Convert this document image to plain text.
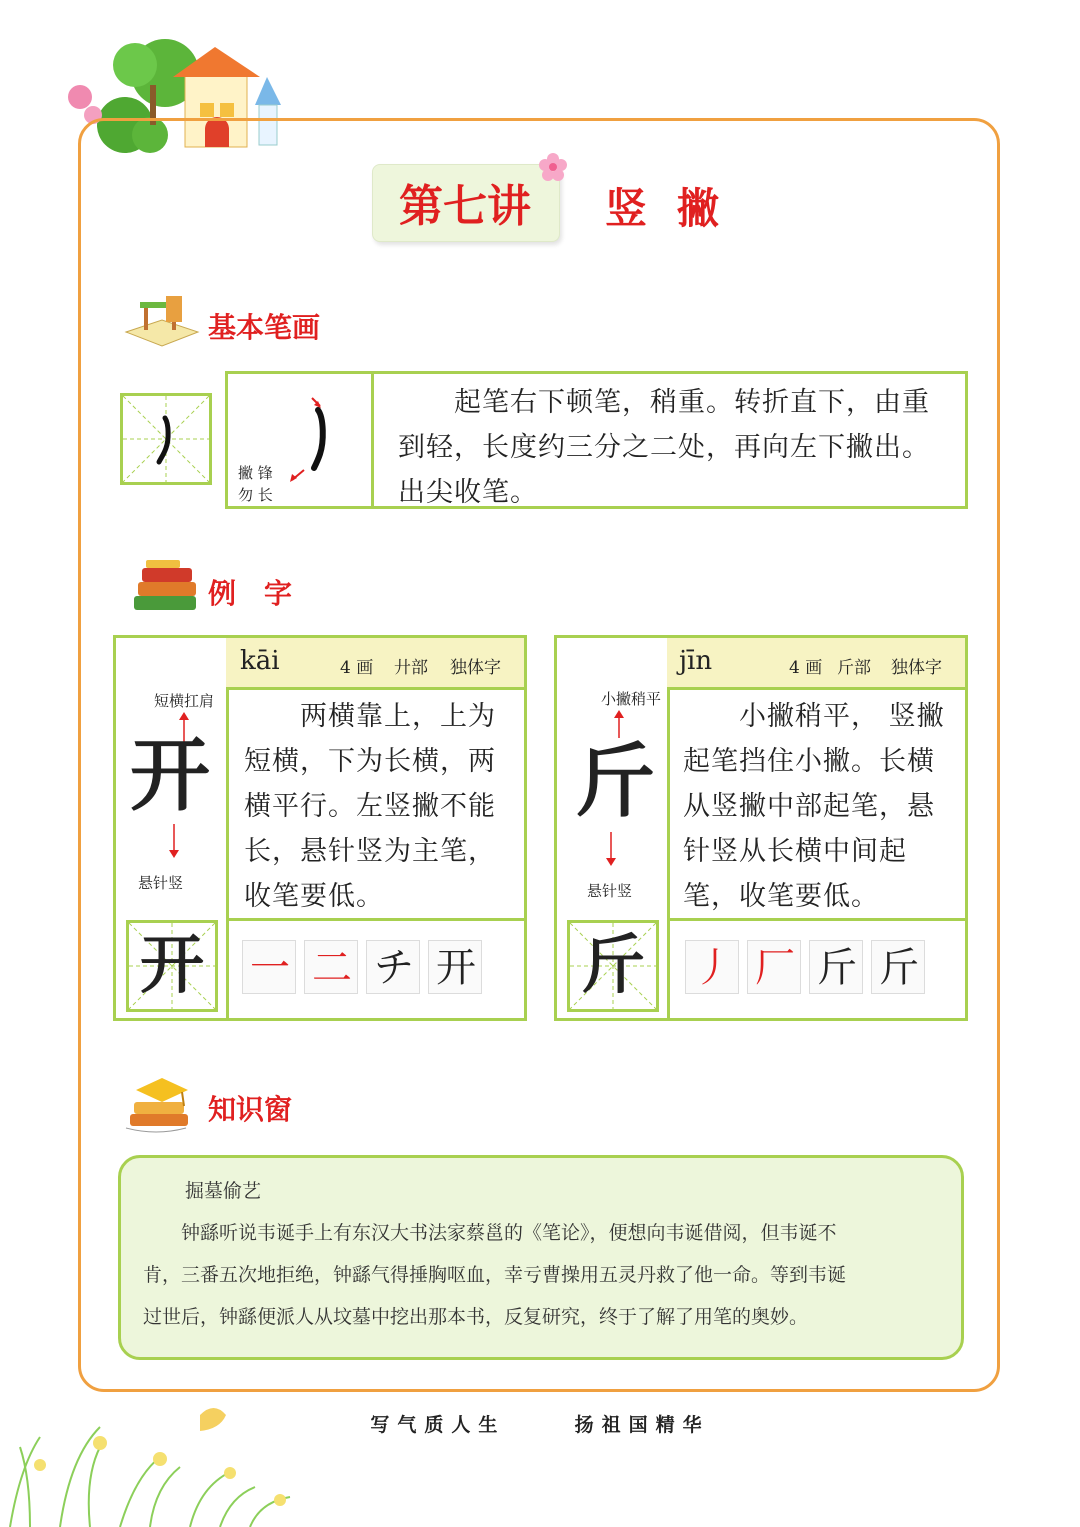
第七讲	竖撇
基本笔画
撇 锋
勿 长
　　起笔右下顿笔，稍重。转折直下，由重
到轻，长度约三分之二处，再向左下撇出。
出尖收笔。
例　字
短横扛肩
开
悬针竖
开
kāi	4 画 廾部 独体字
　　两横靠上，上为
短横，下为长横，两
横平行。左竖撇不能
长，悬针竖为主笔，
收笔要低。
一 二 チ 开
小撇稍平
斤
悬针竖
斤
jīn	4 画 斤部 独体字
　　小撇稍平， 竖撇
起笔挡住小撇。长横
从竖撇中部起笔，悬
针竖从长横中间起
笔，收笔要低。
丿 厂 斤 斤
知识窗
掘墓偷艺
　　钟繇听说韦诞手上有东汉大书法家蔡邕的《笔论》，便想向韦诞借阅，但韦诞不
肯，三番五次地拒绝，钟繇气得捶胸呕血，幸亏曹操用五灵丹救了他一命。等到韦诞
过世后，钟繇便派人从坟墓中挖出那本书，反复研究，终于了解了用笔的奥妙。
写气质人生	扬祖国精华
